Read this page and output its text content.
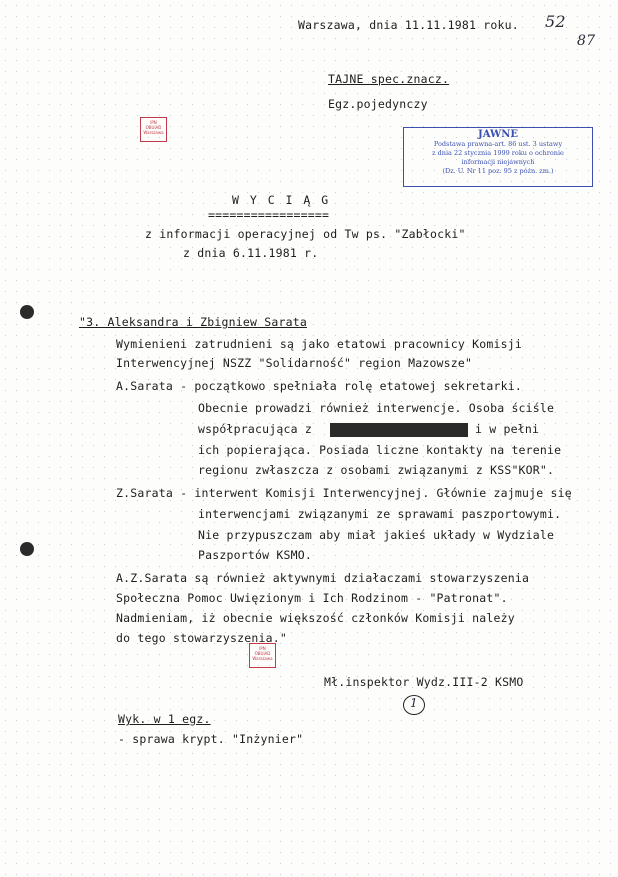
Warszawa, dnia 11.11.1981 roku. 52
87
TAJNE spec.znacz.
Egz.pojedynczy
IPN
OBUiAD
Warszawa	JAWNE
Podstawa prawna-art. 86 ust. 3 ustawy
z dnia 22 stycznia 1999 roku o ochronie
informacji niejawnych
(Dz. U. Nr 11 poz. 95 z późn. zm.)
W Y C I Ą G
=================
z informacji operacyjnej od Tw ps. "Zabłocki"
z dnia 6.11.1981 r.
"3. Aleksandra i Zbigniew Sarata
Wymienieni zatrudnieni są jako etatowi pracownicy Komisji
Interwencyjnej NSZZ "Solidarność" region Mazowsze"
A.Sarata - początkowo spełniała rolę etatowej sekretarki.
Obecnie prowadzi również interwencje. Osoba ściśle
współpracująca z	i w pełni
ich popierająca. Posiada liczne kontakty na terenie
regionu zwłaszcza z osobami związanymi z KSS"KOR".
Z.Sarata - interwent Komisji Interwencyjnej. Głównie zajmuje się
interwencjami związanymi ze sprawami paszportowymi.
Nie przypuszczam aby miał jakieś układy w Wydziale
Paszportów KSMO.
A.Z.Sarata są również aktywnymi działaczami stowarzyszenia
Społeczna Pomoc Uwięzionym i Ich Rodzinom - "Patronat".
Nadmieniam, iż obecnie większość członków Komisji należy
do tego stowarzyszenia."
IPN
OBUiAD
Warszawa
Mł.inspektor Wydz.III-2 KSMO
1
Wyk. w 1 egz.
- sprawa krypt. "Inżynier"
